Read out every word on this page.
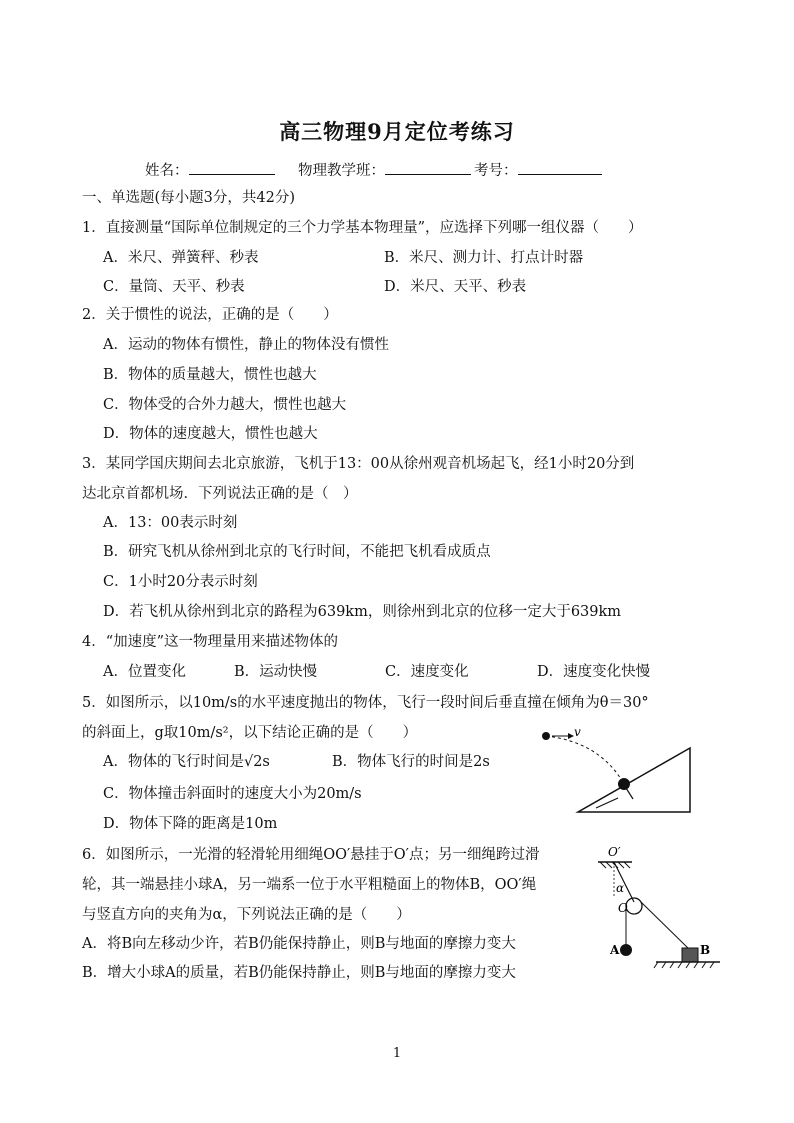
高三物理9月定位考练习
姓名：	物理教学班：	考号：
一、单选题(每小题3分，共42分)
1．直接测量“国际单位制规定的三个力学基本物理量”，应选择下列哪一组仪器（　　）
A．米尺、弹簧秤、秒表	B．米尺、测力计、打点计时器
C．量筒、天平、秒表	D．米尺、天平、秒表
2．关于惯性的说法，正确的是（　　）
A．运动的物体有惯性，静止的物体没有惯性
B．物体的质量越大，惯性也越大
C．物体受的合外力越大，惯性也越大
D．物体的速度越大，惯性也越大
3．某同学国庆期间去北京旅游，飞机于13：00从徐州观音机场起飞，经1小时20分到
达北京首都机场．下列说法正确的是（　）
A．13：00表示时刻
B．研究飞机从徐州到北京的飞行时间，不能把飞机看成质点
C．1小时20分表示时刻
D．若飞机从徐州到北京的路程为639km，则徐州到北京的位移一定大于639km
4．“加速度”这一物理量用来描述物体的
A．位置变化	B．运动快慢	C．速度变化	D．速度变化快慢
5．如图所示，以10m/s的水平速度抛出的物体，飞行一段时间后垂直撞在倾角为θ＝30°
的斜面上，g取10m/s²，以下结论正确的是（　　）
A．物体的飞行时间是√2s	B．物体飞行的时间是2s
C．物体撞击斜面时的速度大小为20m/s
D．物体下降的距离是10m
v
6．如图所示，一光滑的轻滑轮用细绳OO′悬挂于O′点；另一细绳跨过滑
轮，其一端悬挂小球A，另一端系一位于水平粗糙面上的物体B，OO′绳
与竖直方向的夹角为α，下列说法正确的是（　　）
A．将B向左移动少许，若B仍能保持静止，则B与地面的摩擦力变大
B．增大小球A的质量，若B仍能保持静止，则B与地面的摩擦力变大
O′
α
O
A	B
1
